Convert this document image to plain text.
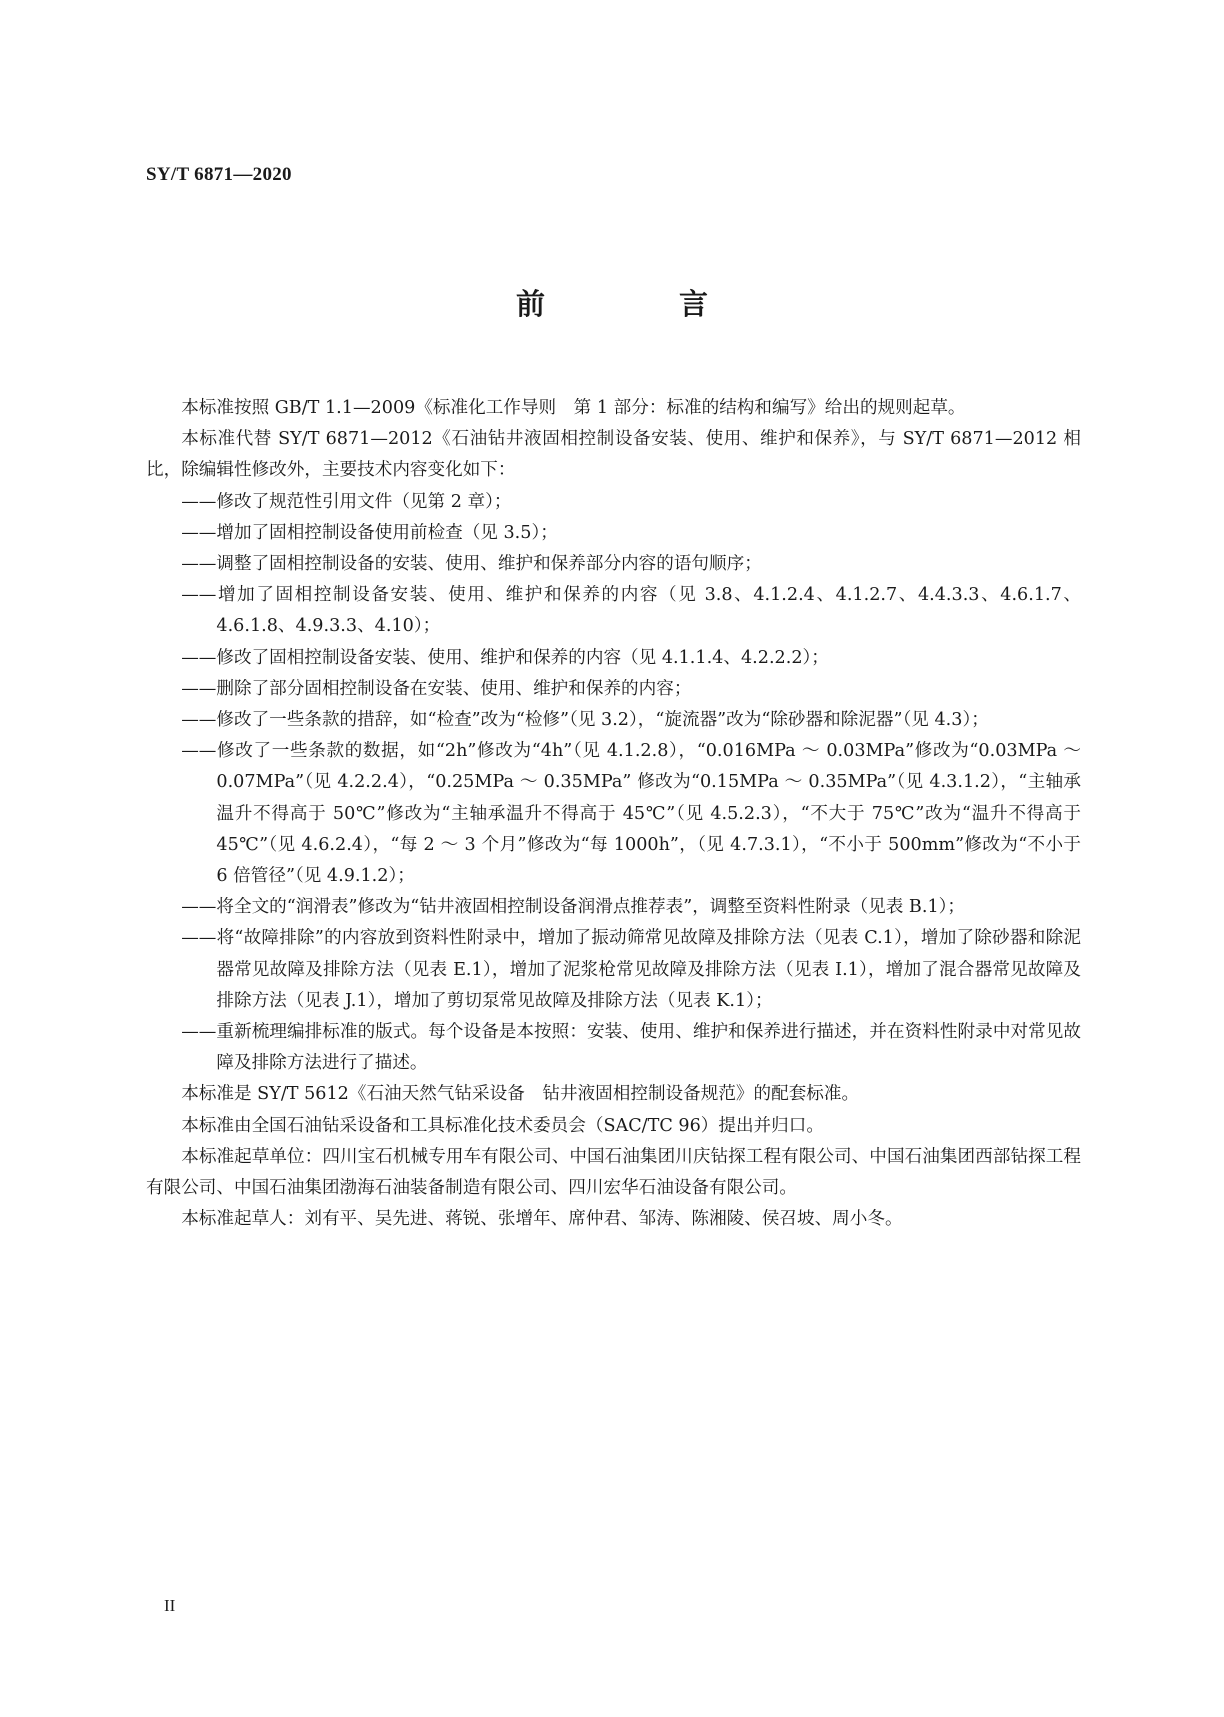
SY/T 6871—2020
前 言

本标准按照 GB/T 1.1—2009《标准化工作导则　第 1 部分：标准的结构和编写》给出的规则起草。

本标准代替 SY/T 6871—2012《石油钻井液固相控制设备安装、使用、维护和保养》，与 SY/T 6871—2012 相比，除编辑性修改外，主要技术内容变化如下：

——修改了规范性引用文件（见第 2 章）；

——增加了固相控制设备使用前检查（见 3.5）；

——调整了固相控制设备的安装、使用、维护和保养部分内容的语句顺序；

——增加了固相控制设备安装、使用、维护和保养的内容（见 3.8、4.1.2.4、4.1.2.7、4.4.3.3、4.6.1.7、4.6.1.8、4.9.3.3、4.10）；

——修改了固相控制设备安装、使用、维护和保养的内容（见 4.1.1.4、4.2.2.2）；

——删除了部分固相控制设备在安装、使用、维护和保养的内容；

——修改了一些条款的措辞，如“检查”改为“检修”（见 3.2），“旋流器”改为“除砂器和除泥器”（见 4.3）；

——修改了一些条款的数据，如“2h”修改为“4h”（见 4.1.2.8），“0.016MPa ～ 0.03MPa”修改为“0.03MPa ～ 0.07MPa”（见 4.2.2.4），“0.25MPa ～ 0.35MPa” 修改为“0.15MPa ～ 0.35MPa”（见 4.3.1.2），“主轴承温升不得高于 50℃”修改为“主轴承温升不得高于 45℃”（见 4.5.2.3），“不大于 75℃”改为“温升不得高于 45℃”（见 4.6.2.4），“每 2 ～ 3 个月”修改为“每 1000h”，（见 4.7.3.1），“不小于 500mm”修改为“不小于 6 倍管径”（见 4.9.1.2）；

——将全文的“润滑表”修改为“钻井液固相控制设备润滑点推荐表”，调整至资料性附录（见表 B.1）；

——将“故障排除”的内容放到资料性附录中，增加了振动筛常见故障及排除方法（见表 C.1），增加了除砂器和除泥器常见故障及排除方法（见表 E.1），增加了泥浆枪常见故障及排除方法（见表 I.1），增加了混合器常见故障及排除方法（见表 J.1），增加了剪切泵常见故障及排除方法（见表 K.1）；

——重新梳理编排标准的版式。每个设备是本按照：安装、使用、维护和保养进行描述，并在资料性附录中对常见故障及排除方法进行了描述。

本标准是 SY/T 5612《石油天然气钻采设备　钻井液固相控制设备规范》的配套标准。

本标准由全国石油钻采设备和工具标准化技术委员会（SAC/TC 96）提出并归口。

本标准起草单位：四川宝石机械专用车有限公司、中国石油集团川庆钻探工程有限公司、中国石油集团西部钻探工程有限公司、中国石油集团渤海石油装备制造有限公司、四川宏华石油设备有限公司。

本标准起草人：刘有平、吴先进、蒋锐、张增年、席仲君、邹涛、陈湘陵、侯召坡、周小冬。

II
